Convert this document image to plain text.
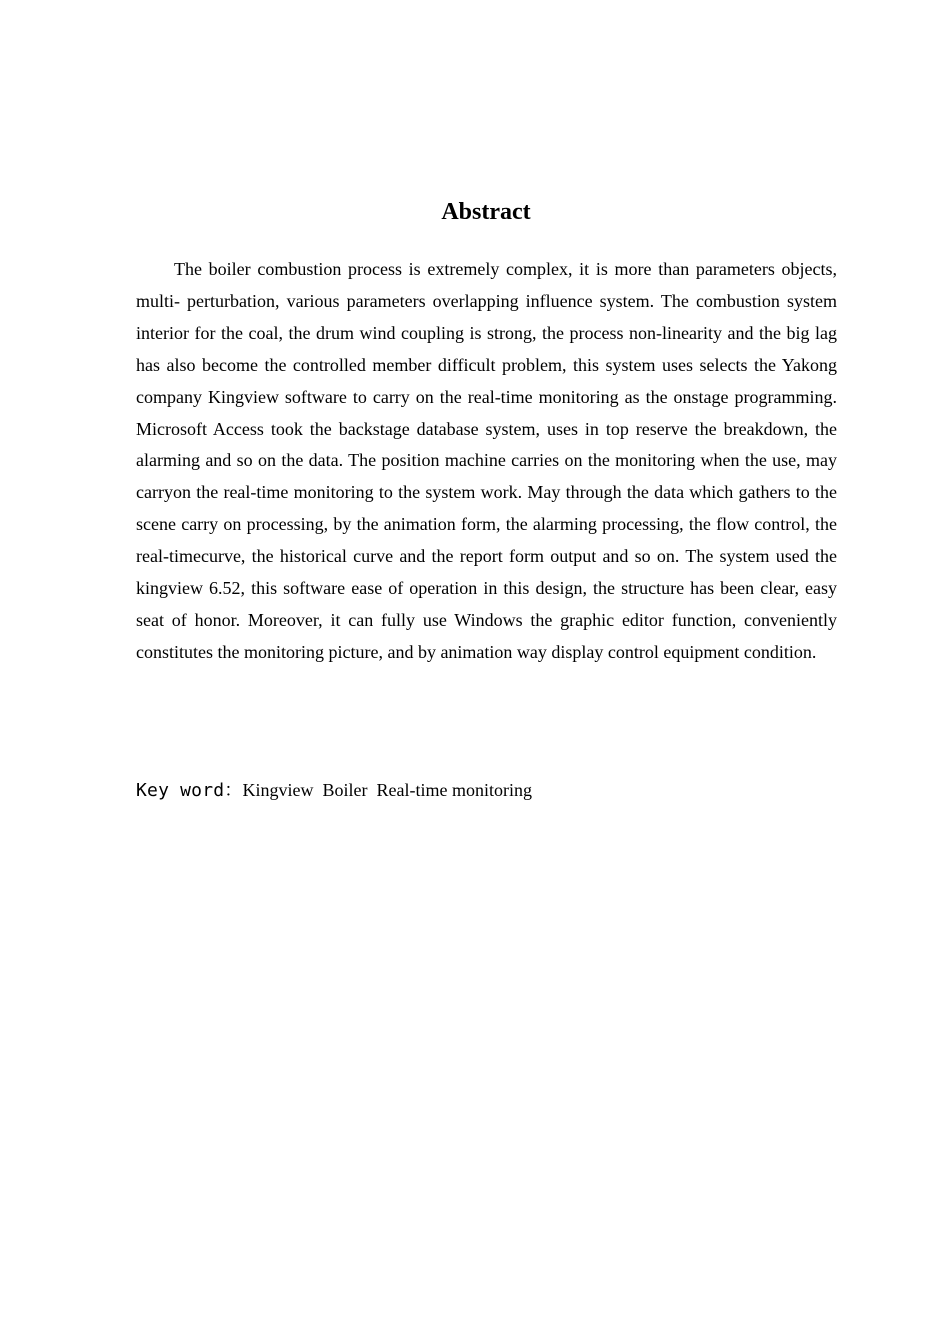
Abstract

The boiler combustion process is extremely complex, it is more than parameters objects, multi- perturbation, various parameters overlapping influence system. The combustion system interior for the coal, the drum wind coupling is strong, the process non-linearity and the big lag has also become the controlled member difficult problem, this system uses selects the Yakong company Kingview software to carry on the real-time monitoring as the onstage programming. Microsoft Access took the backstage database system, uses in top reserve the breakdown, the alarming and so on the data. The position machine carries on the monitoring when the use, may carryon the real-time monitoring to the system work. May through the data which gathers to the scene carry on processing, by the animation form, the alarming processing, the flow control, the real-timecurve, the historical curve and the report form output and so on. The system used the kingview 6.52, this software ease of operation in this design, the structure has been clear, easy seat of honor. Moreover, it can fully use Windows the graphic editor function, conveniently constitutes the monitoring picture, and by animation way display control equipment condition.

Key word：Kingview Boiler Real-time monitoring
